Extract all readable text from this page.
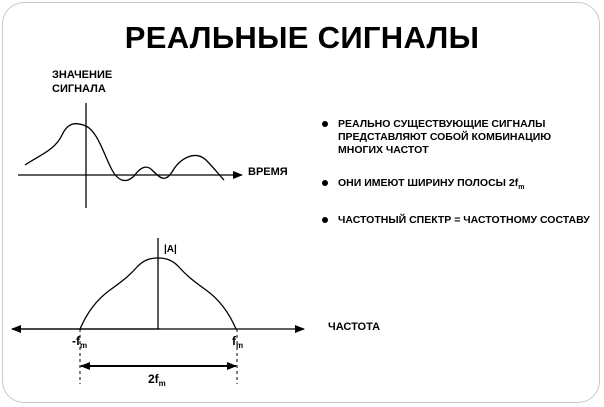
РЕАЛЬНЫЕ СИГНАЛЫ
ЗНАЧЕНИЕ СИГНАЛА
ВРЕМЯ
ЧАСТОТА
|A|
$-f_m$	$f_m$
$2f_m$
РЕАЛЬНО СУЩЕСТВУЮЩИЕ СИГНАЛЫ ПРЕДСТАВЛЯЮТ СОБОЙ КОМБИНАЦИЮ МНОГИХ ЧАСТОТ
ОНИ ИМЕЮТ ШИРИНУ ПОЛОСЫ $2f_m$
ЧАСТОТНЫЙ СПЕКТР = ЧАСТОТНОМУ СОСТАВУ
